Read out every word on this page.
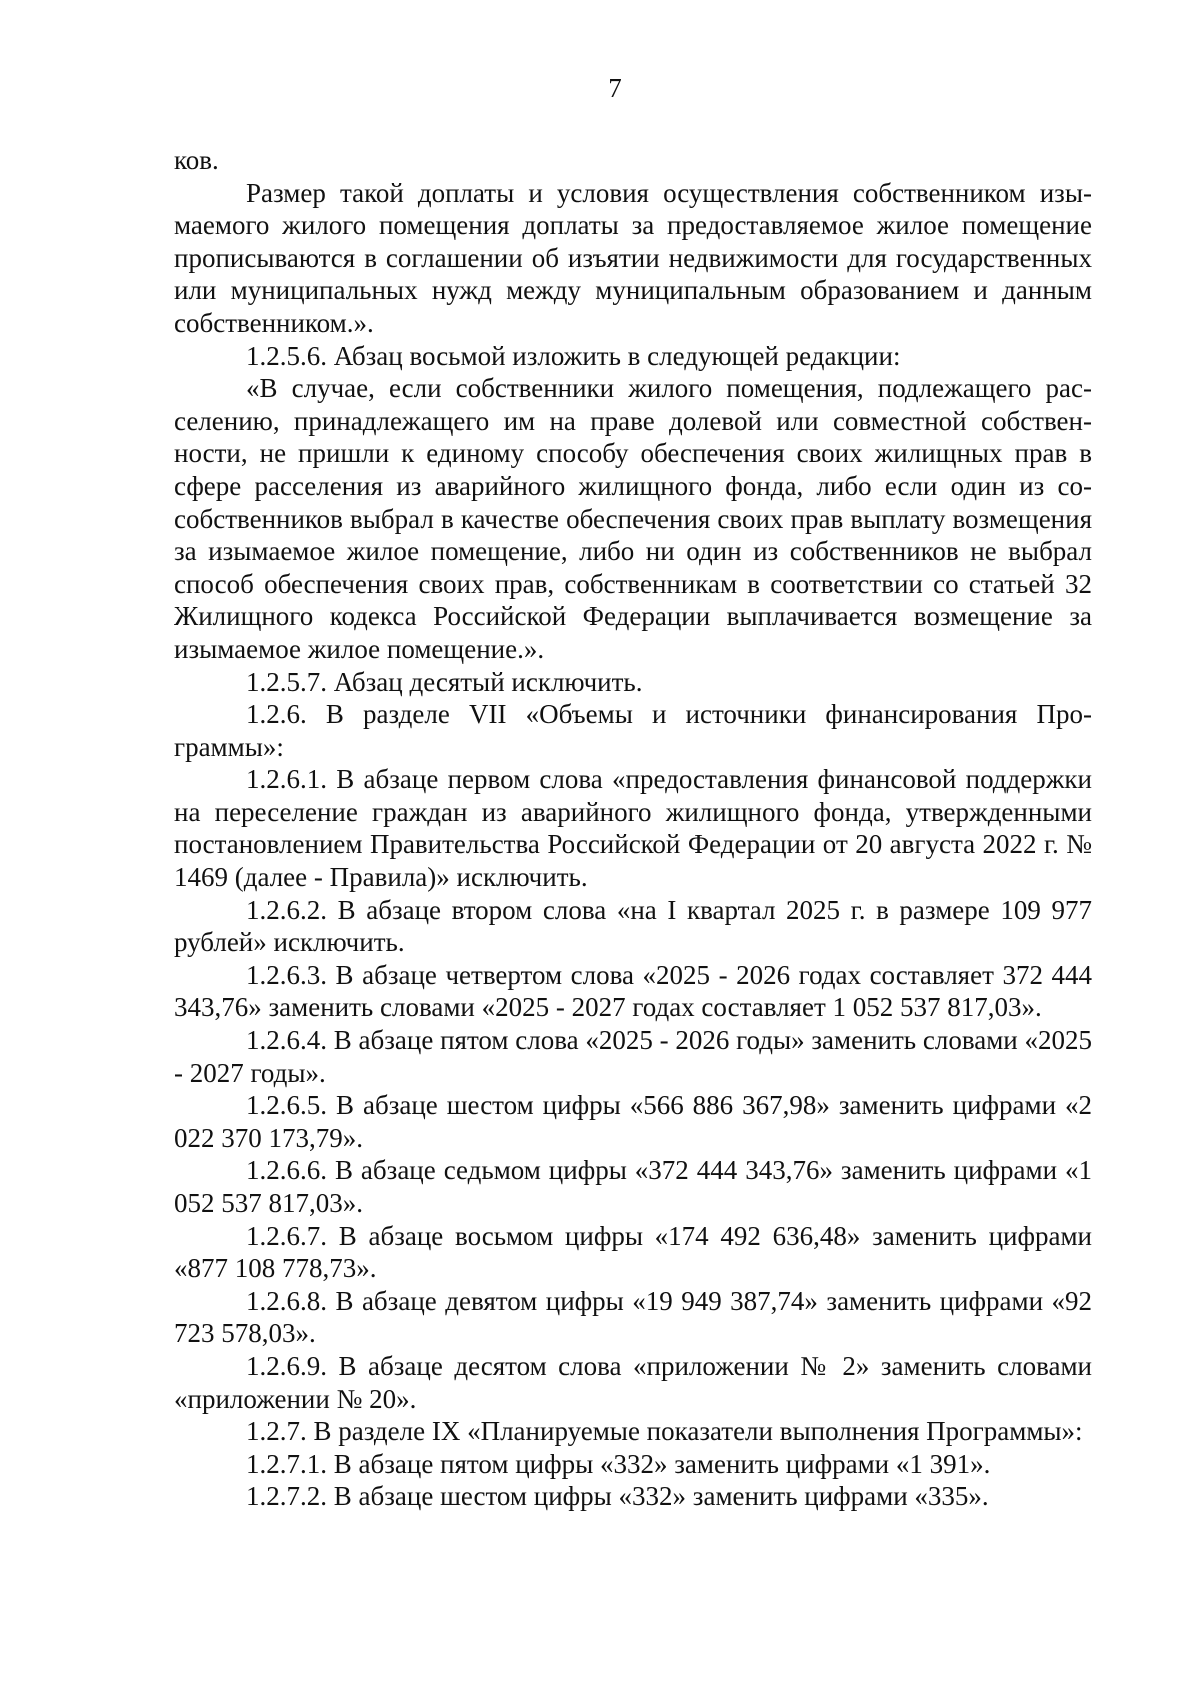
7

ков.

Размер такой доплаты и условия осуществления собственником изымаемого жилого помещения доплаты за предоставляемое жилое помещение прописываются в соглашении об изъятии недвижимости для государственных или муниципальных нужд между муниципальным образованием и данным собственником.».

1.2.5.6. Абзац восьмой изложить в следующей редакции:

«В случае, если собственники жилого помещения, подлежащего расселению, принадлежащего им на праве долевой или совместной собственности, не пришли к единому способу обеспечения своих жилищных прав в сфере расселения из аварийного жилищного фонда, либо если один из сособственников выбрал в качестве обеспечения своих прав выплату возмещения за изымаемое жилое помещение, либо ни один из собственников не выбрал способ обеспечения своих прав, собственникам в соответствии со статьей 32 Жилищного кодекса Российской Федерации выплачивается возмещение за изымаемое жилое помещение.».

1.2.5.7. Абзац десятый исключить.

1.2.6. В разделе VII «Объемы и источники финансирования Программы»:

1.2.6.1. В абзаце первом слова «предоставления финансовой поддержки на переселение граждан из аварийного жилищного фонда, утвержденными постановлением Правительства Российской Федерации от 20 августа 2022 г. № 1469 (далее - Правила)» исключить.

1.2.6.2. В абзаце втором слова «на I квартал 2025 г. в размере 109 977 рублей» исключить.

1.2.6.3. В абзаце четвертом слова «2025 - 2026 годах составляет 372 444 343,76» заменить словами «2025 - 2027 годах составляет 1 052 537 817,03».

1.2.6.4. В абзаце пятом слова «2025 - 2026 годы» заменить словами «2025 - 2027 годы».

1.2.6.5. В абзаце шестом цифры «566 886 367,98» заменить цифрами «2 022 370 173,79».

1.2.6.6. В абзаце седьмом цифры «372 444 343,76» заменить цифрами «1 052 537 817,03».

1.2.6.7. В абзаце восьмом цифры «174 492 636,48» заменить цифрами «877 108 778,73».

1.2.6.8. В абзаце девятом цифры «19 949 387,74» заменить цифрами «92 723 578,03».

1.2.6.9. В абзаце десятом слова «приложении № 2» заменить словами «приложении № 20».

1.2.7. В разделе IX «Планируемые показатели выполнения Программы»:

1.2.7.1. В абзаце пятом цифры «332» заменить цифрами «1 391».

1.2.7.2. В абзаце шестом цифры «332» заменить цифрами «335».
